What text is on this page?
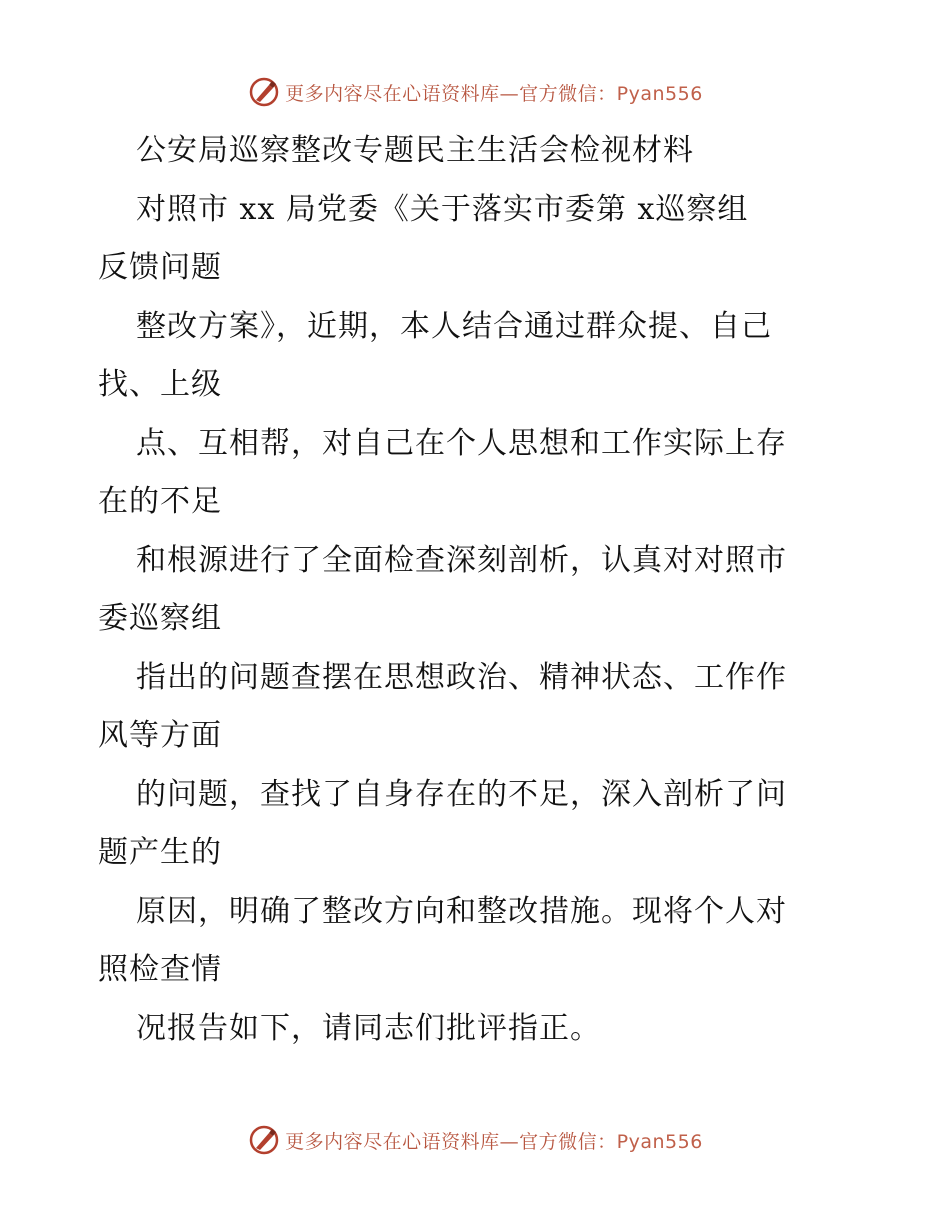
更多内容尽在心语资料库—官方微信：Pyan556
公安局巡察整改专题民主生活会检视材料
对照市 xx 局党委《关于落实市委第 x巡察组
反馈问题
整改方案》，近期，本人结合通过群众提、自己
找、上级
点、互相帮，对自己在个人思想和工作实际上存
在的不足
和根源进行了全面检查深刻剖析，认真对对照市
委巡察组
指出的问题查摆在思想政治、精神状态、工作作
风等方面
的问题，查找了自身存在的不足，深入剖析了问
题产生的
原因，明确了整改方向和整改措施。现将个人对
照检查情
况报告如下，请同志们批评指正。
更多内容尽在心语资料库—官方微信：Pyan556
